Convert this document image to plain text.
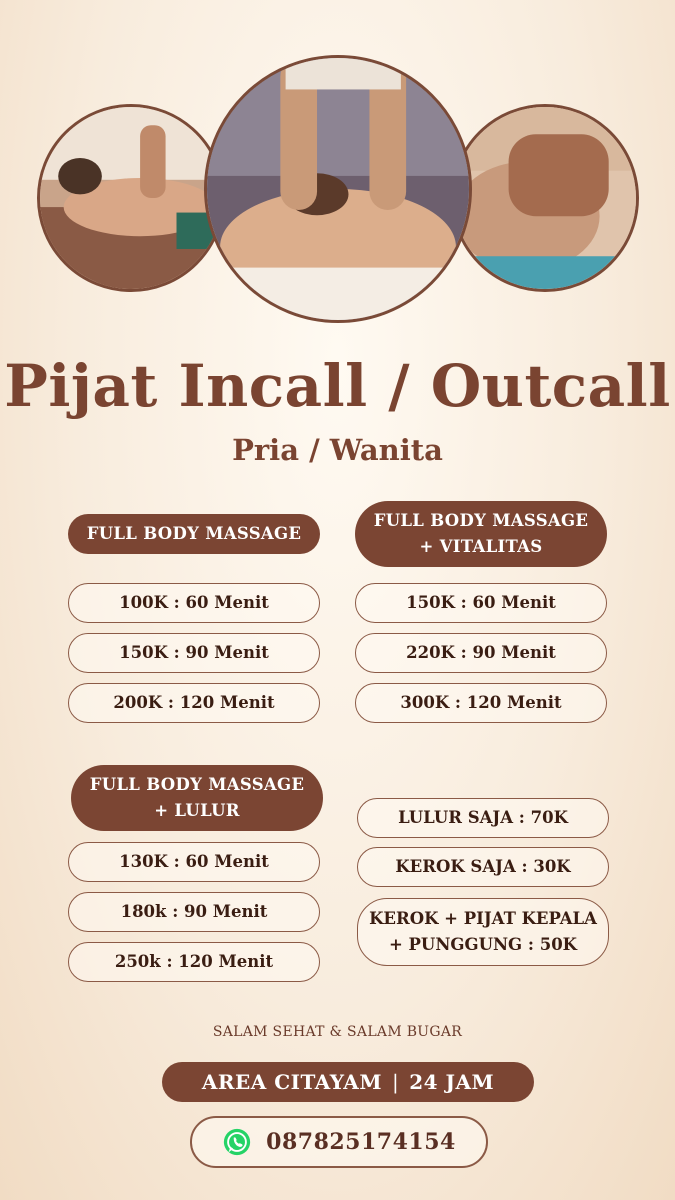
Pijat Incall / Outcall
Pria / Wanita
FULL BODY MASSAGE
100K : 60 Menit
150K : 90 Menit
200K : 120 Menit
FULL BODY MASSAGE
+ VITALITAS
150K : 60 Menit
220K : 90 Menit
300K : 120 Menit
FULL BODY MASSAGE
+ LULUR
130K : 60 Menit
180k : 90 Menit
250k : 120 Menit
LULUR SAJA : 70K
KEROK SAJA : 30K
KEROK + PIJAT KEPALA
+ PUNGGUNG : 50K
SALAM SEHAT & SALAM BUGAR
AREA CITAYAM | 24 JAM
087825174154
